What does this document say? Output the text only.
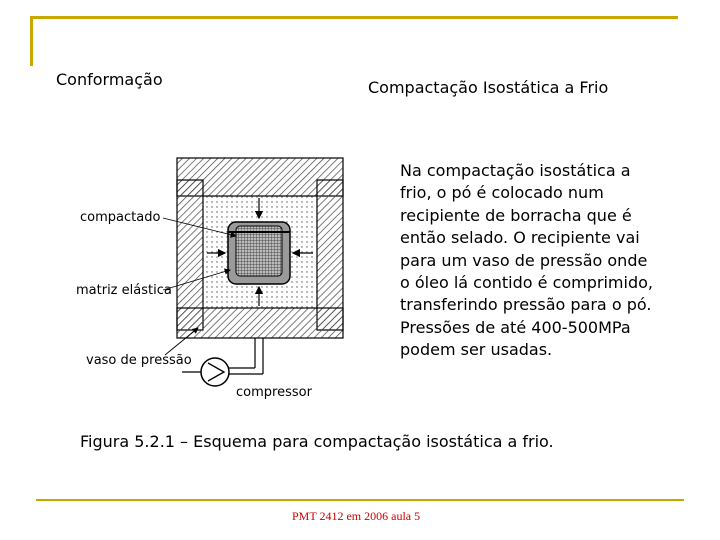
Conformação	Compactação Isostática a Frio
compactado
matriz elástica
vaso de pressão
compressor
Na compactação isostática a
frio, o pó é colocado num
recipiente de borracha que é
então selado. O recipiente vai
para um vaso de pressão onde
o óleo lá contido é comprimido,
transferindo pressão para o pó.
Pressões de até 400-500MPa
podem ser usadas.
Figura 5.2.1 – Esquema para compactação isostática a frio.
PMT 2412 em 2006 aula 5
